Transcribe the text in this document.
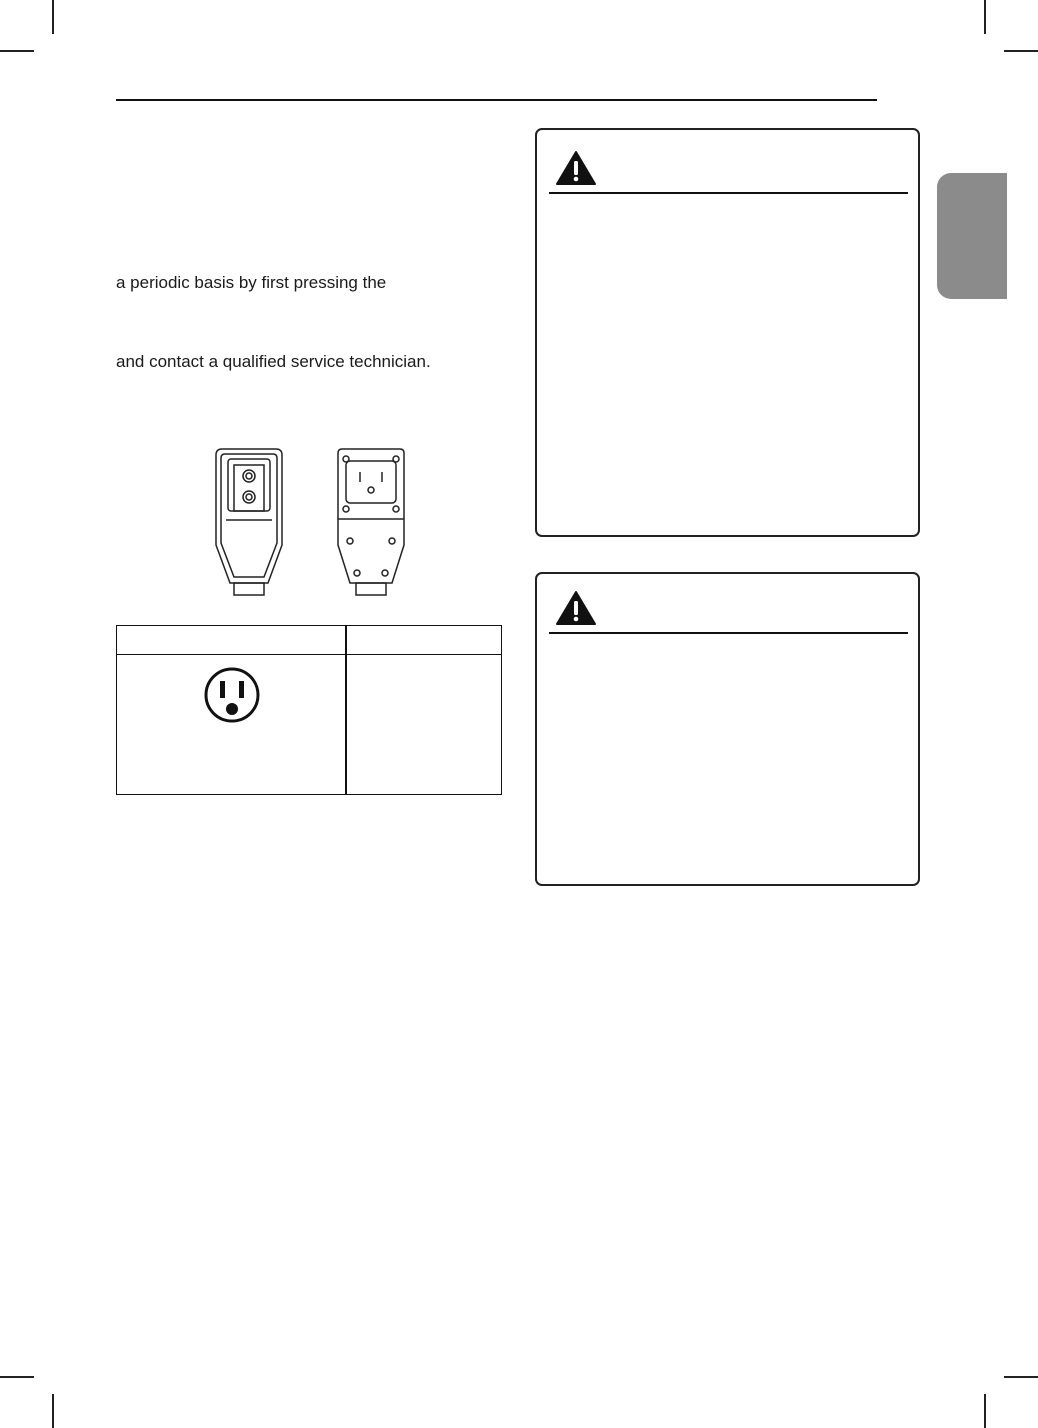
a periodic basis by first pressing the
and contact a qualified service technician.
